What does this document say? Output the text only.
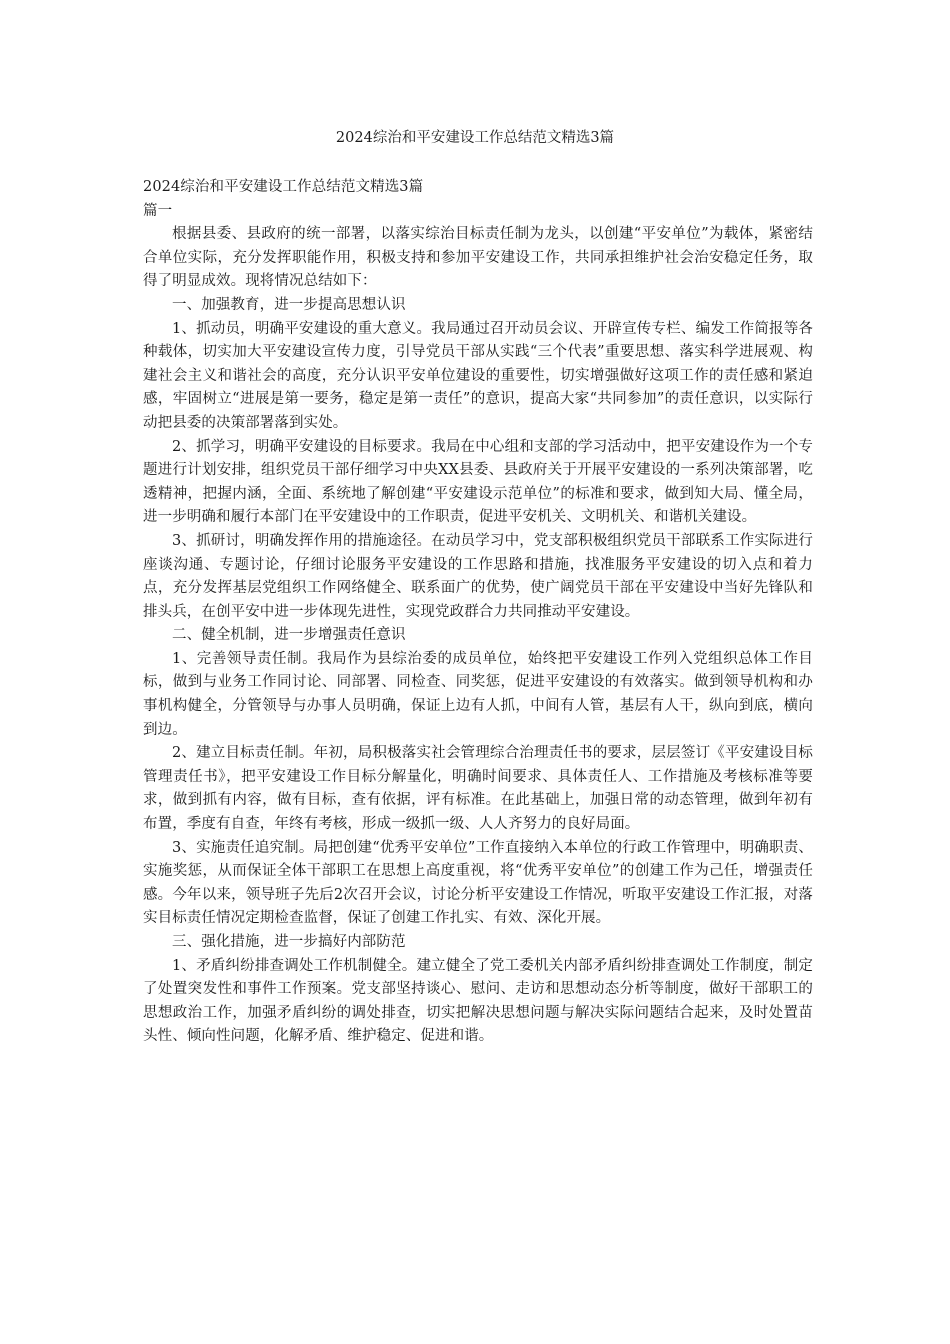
2024综治和平安建设工作总结范文精选3篇

2024综治和平安建设工作总结范文精选3篇

篇一

根据县委、县政府的统一部署，以落实综治目标责任制为龙头，以创建“平安单位”为载体，紧密结合单位实际，充分发挥职能作用，积极支持和参加平安建设工作，共同承担维护社会治安稳定任务，取得了明显成效。现将情况总结如下：

一、加强教育，进一步提高思想认识

1、抓动员，明确平安建设的重大意义。我局通过召开动员会议、开辟宣传专栏、编发工作简报等各种载体，切实加大平安建设宣传力度，引导党员干部从实践“三个代表”重要思想、落实科学进展观、构建社会主义和谐社会的高度，充分认识平安单位建设的重要性，切实增强做好这项工作的责任感和紧迫感，牢固树立“进展是第一要务，稳定是第一责任”的意识，提高大家“共同参加”的责任意识，以实际行动把县委的决策部署落到实处。

2、抓学习，明确平安建设的目标要求。我局在中心组和支部的学习活动中，把平安建设作为一个专题进行计划安排，组织党员干部仔细学习中央XX县委、县政府关于开展平安建设的一系列决策部署，吃透精神，把握内涵，全面、系统地了解创建“平安建设示范单位”的标准和要求，做到知大局、懂全局，进一步明确和履行本部门在平安建设中的工作职责，促进平安机关、文明机关、和谐机关建设。

3、抓研讨，明确发挥作用的措施途径。在动员学习中，党支部积极组织党员干部联系工作实际进行座谈沟通、专题讨论，仔细讨论服务平安建设的工作思路和措施，找准服务平安建设的切入点和着力点，充分发挥基层党组织工作网络健全、联系面广的优势，使广阔党员干部在平安建设中当好先锋队和排头兵，在创平安中进一步体现先进性，实现党政群合力共同推动平安建设。

二、健全机制，进一步增强责任意识

1、完善领导责任制。我局作为县综治委的成员单位，始终把平安建设工作列入党组织总体工作目标，做到与业务工作同讨论、同部署、同检查、同奖惩，促进平安建设的有效落实。做到领导机构和办事机构健全，分管领导与办事人员明确，保证上边有人抓，中间有人管，基层有人干，纵向到底，横向到边。

2、建立目标责任制。年初，局积极落实社会管理综合治理责任书的要求，层层签订《平安建设目标管理责任书》，把平安建设工作目标分解量化，明确时间要求、具体责任人、工作措施及考核标准等要求，做到抓有内容，做有目标，查有依据，评有标准。在此基础上，加强日常的动态管理，做到年初有布置，季度有自查，年终有考核，形成一级抓一级、人人齐努力的良好局面。

3、实施责任追究制。局把创建“优秀平安单位”工作直接纳入本单位的行政工作管理中，明确职责、实施奖惩，从而保证全体干部职工在思想上高度重视，将“优秀平安单位”的创建工作为己任，增强责任感。今年以来，领导班子先后2次召开会议，讨论分析平安建设工作情况，听取平安建设工作汇报，对落实目标责任情况定期检查监督，保证了创建工作扎实、有效、深化开展。

三、强化措施，进一步搞好内部防范

1、矛盾纠纷排查调处工作机制健全。建立健全了党工委机关内部矛盾纠纷排查调处工作制度，制定了处置突发性和事件工作预案。党支部坚持谈心、慰问、走访和思想动态分析等制度，做好干部职工的思想政治工作，加强矛盾纠纷的调处排查，切实把解决思想问题与解决实际问题结合起来，及时处置苗头性、倾向性问题，化解矛盾、维护稳定、促进和谐。
